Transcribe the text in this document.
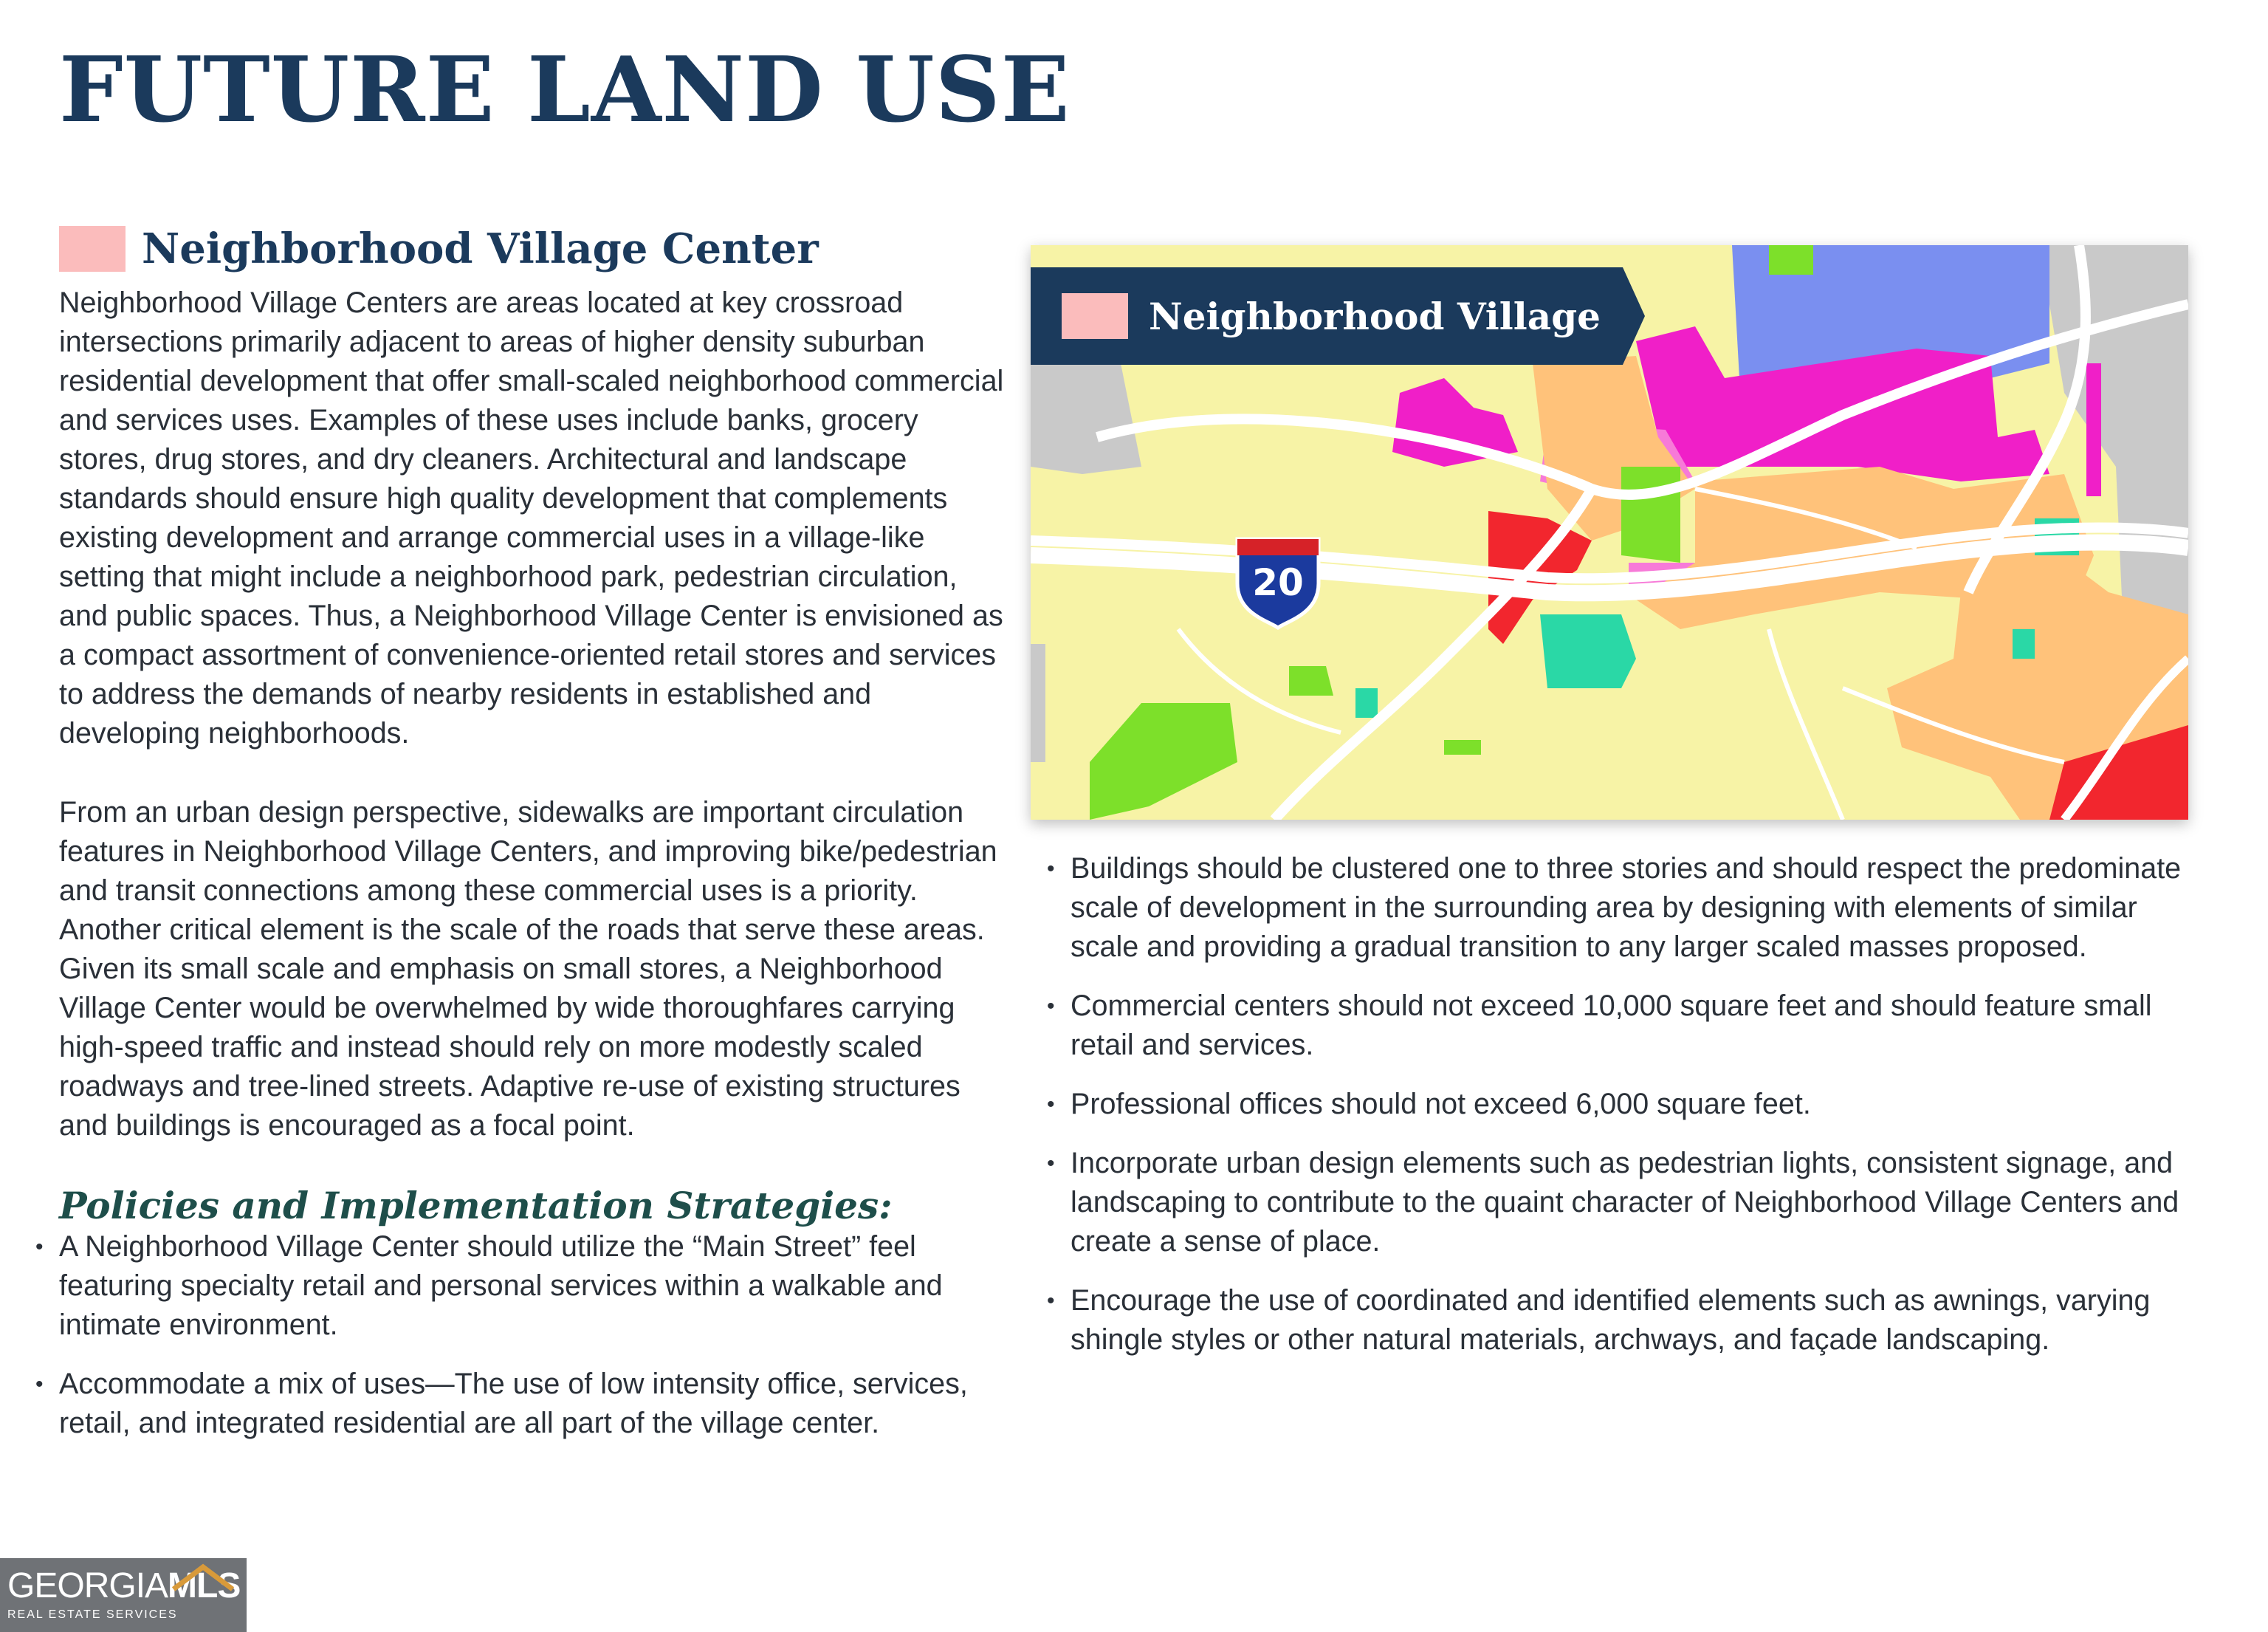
FUTURE LAND USE
Neighborhood Village Center

Neighborhood Village Centers are areas located at key crossroad intersections primarily adjacent to areas of higher density suburban residential development that offer small-scaled neighborhood commercial and services uses. Examples of these uses include banks, grocery stores, drug stores, and dry cleaners. Architectural and landscape standards should ensure high quality development that complements existing development and arrange commercial uses in a village-like setting that might include a neighborhood park, pedestrian circulation, and public spaces. Thus, a Neighborhood Village Center is envisioned as a compact assortment of convenience-oriented retail stores and services to address the demands of nearby residents in established and developing neighborhoods.

From an urban design perspective, sidewalks are important circulation features in Neighborhood Village Centers, and improving bike/pedestrian and transit connections among these commercial uses is a priority. Another critical element is the scale of the roads that serve these areas. Given its small scale and emphasis on small stores, a Neighborhood Village Center would be overwhelmed by wide thoroughfares carrying high-speed traffic and instead should rely on more modestly scaled roadways and tree-lined streets. Adaptive re-use of existing structures and buildings is encouraged as a focal point.

Policies and Implementation Strategies:
• A Neighborhood Village Center should utilize the “Main Street” feel featuring specialty retail and personal services within a walkable and intimate environment.
• Accommodate a mix of uses—The use of low intensity office, services, retail, and integrated residential are all part of the village center.
20
Neighborhood Village
• Buildings should be clustered one to three stories and should respect the predominate scale of development in the surrounding area by designing with elements of similar scale and providing a gradual transition to any larger scaled masses proposed.
• Commercial centers should not exceed 10,000 square feet and should feature small retail and services.
• Professional offices should not exceed 6,000 square feet.
• Incorporate urban design elements such as pedestrian lights, consistent signage, and landscaping to contribute to the quaint character of Neighborhood Village Centers and create a sense of place.
• Encourage the use of coordinated and identified elements such as awnings, varying shingle styles or other natural materials, archways, and façade landscaping.
GEORGIAMLS
REAL ESTATE SERVICES
